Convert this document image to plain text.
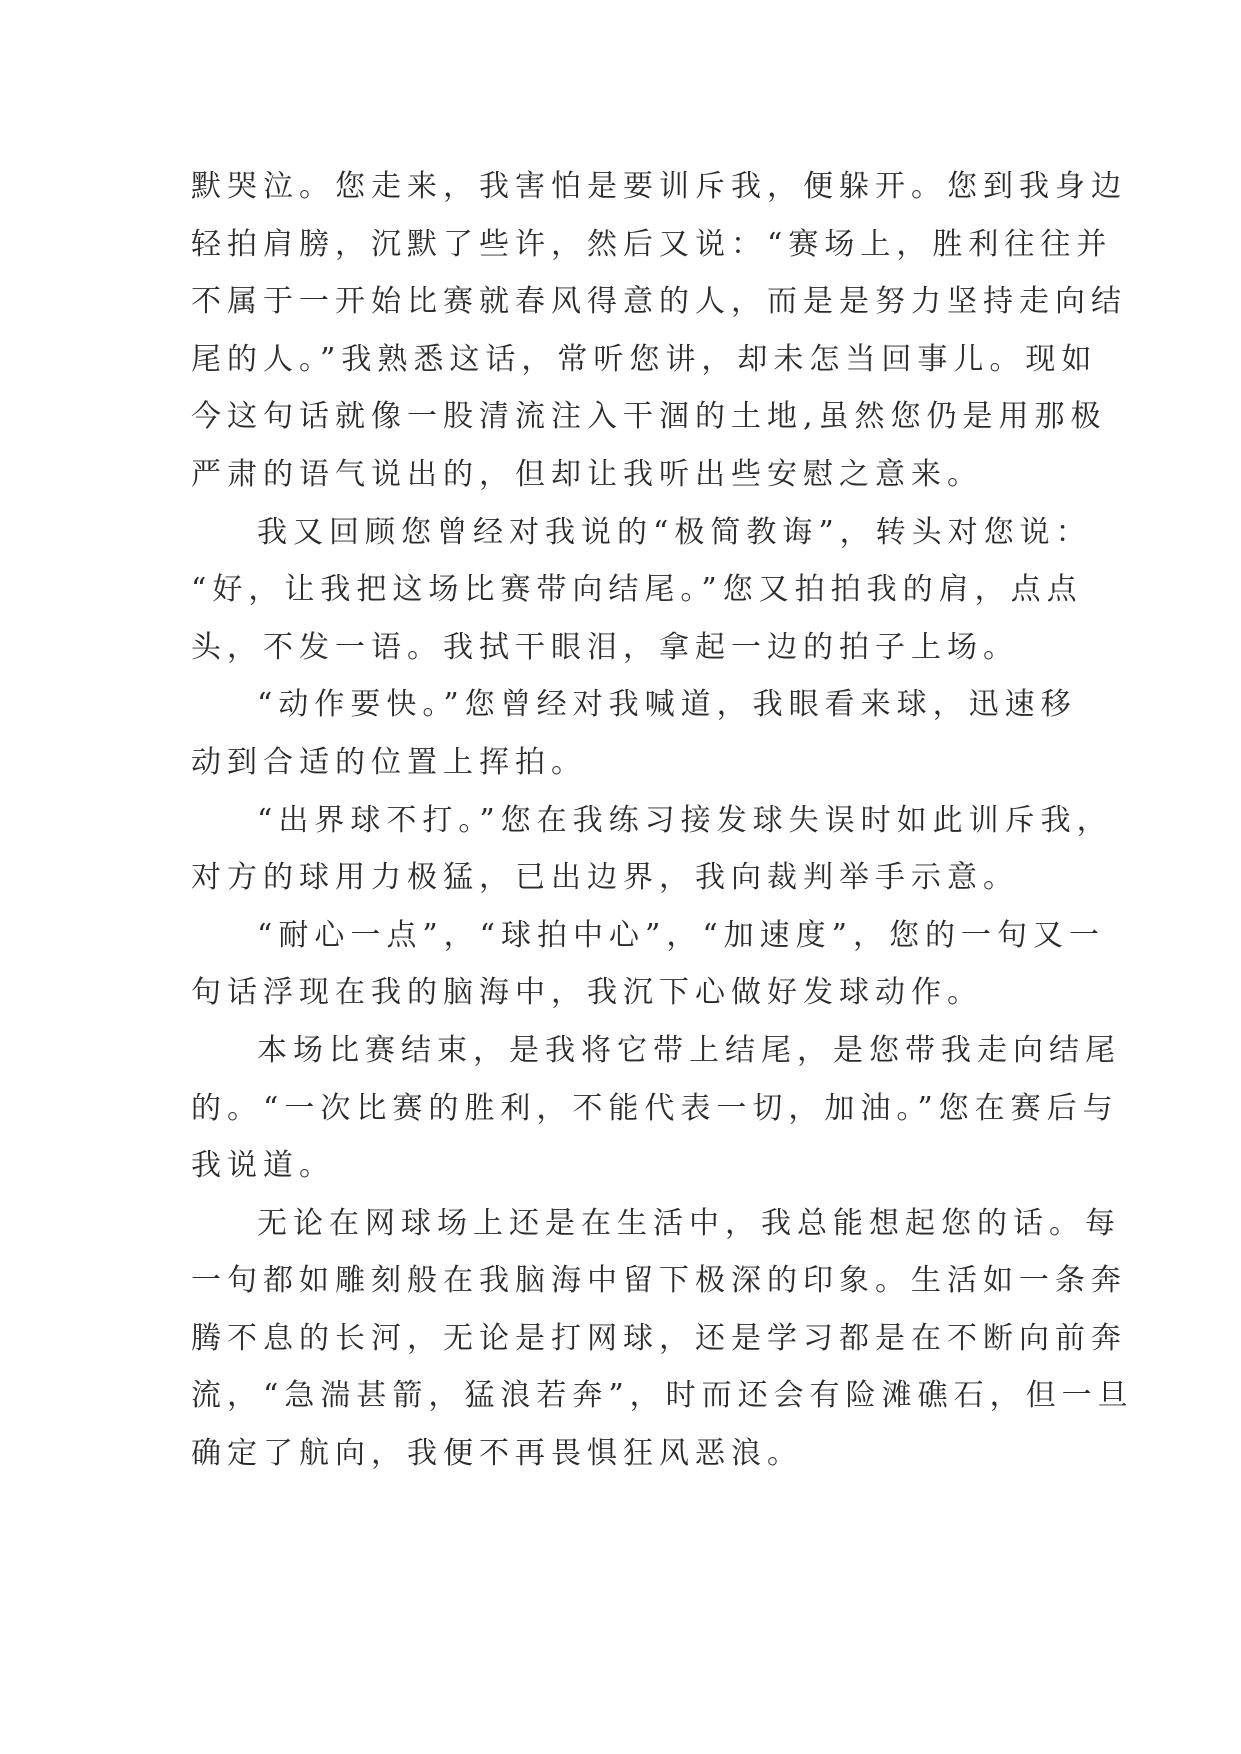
默哭泣。您走来，我害怕是要训斥我，便躲开。您到我身边
轻拍肩膀，沉默了些许，然后又说：“赛场上，胜利往往并
不属于一开始比赛就春风得意的人，而是是努力坚持走向结
尾的人。”我熟悉这话，常听您讲，却未怎当回事儿。现如
今这句话就像一股清流注入干涸的土地,虽然您仍是用那极
严肃的语气说出的，但却让我听出些安慰之意来。
我又回顾您曾经对我说的“极简教诲”，转头对您说：
“好，让我把这场比赛带向结尾。”您又拍拍我的肩，点点
头，不发一语。我拭干眼泪，拿起一边的拍子上场。
“动作要快。”您曾经对我喊道，我眼看来球，迅速移
动到合适的位置上挥拍。
“出界球不打。”您在我练习接发球失误时如此训斥我，
对方的球用力极猛，已出边界，我向裁判举手示意。
“耐心一点”，“球拍中心”，“加速度”，您的一句又一
句话浮现在我的脑海中，我沉下心做好发球动作。
本场比赛结束，是我将它带上结尾，是您带我走向结尾
的。“一次比赛的胜利，不能代表一切，加油。”您在赛后与
我说道。
无论在网球场上还是在生活中，我总能想起您的话。每
一句都如雕刻般在我脑海中留下极深的印象。生活如一条奔
腾不息的长河，无论是打网球，还是学习都是在不断向前奔
流，“急湍甚箭，猛浪若奔”，时而还会有险滩礁石，但一旦
确定了航向，我便不再畏惧狂风恶浪。
